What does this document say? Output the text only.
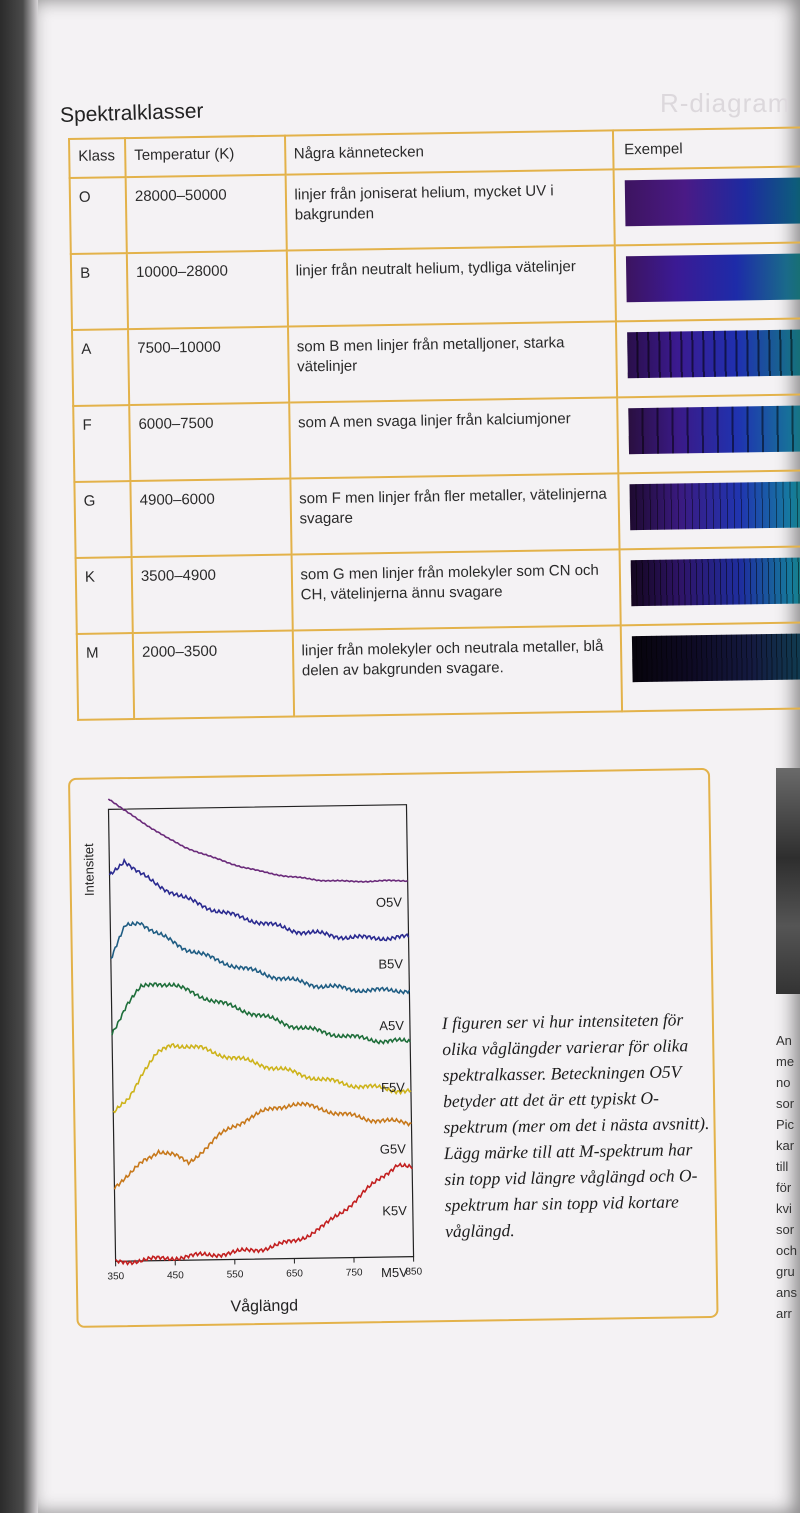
R-diagram
Spektralklasser
Klass	Temperatur (K)	Några kännetecken	Exempel
O	28000–50000	linjer från joniserat helium, mycket UV i bakgrunden	

B	10000–28000	linjer från neutralt helium, tydliga vätelinjer	

A	7500–10000	som B men linjer från metalljoner, starka vätelinjer	

F	6000–7500	som A men svaga linjer från kalciumjoner	

G	4900–6000	som F men linjer från fler metaller, vätelinjerna svagare	

K	3500–4900	som G men linjer från molekyler som CN och CH, vätelinjerna ännu svagare	

M	2000–3500	linjer från molekyler och neutrala metaller, blå delen av bakgrunden svagare.	
O5V
B5V
A5V
F5V
G5V
K5V
M5V
350	450	550	650	750	850
Intensitet
Våglängd
I figuren ser vi hur intensiteten för olika våglängder varierar för olika spektralkasser. Beteckningen O5V betyder att det är ett typiskt O-spektrum (mer om det i nästa avsnitt). Lägg märke till att M-spektrum har sin topp vid längre våglängd och O-spektrum har sin topp vid kortare våglängd.
An
me
no
sor
Pic
kar
till
för
kvi
sor
och
gru
ans
arr
